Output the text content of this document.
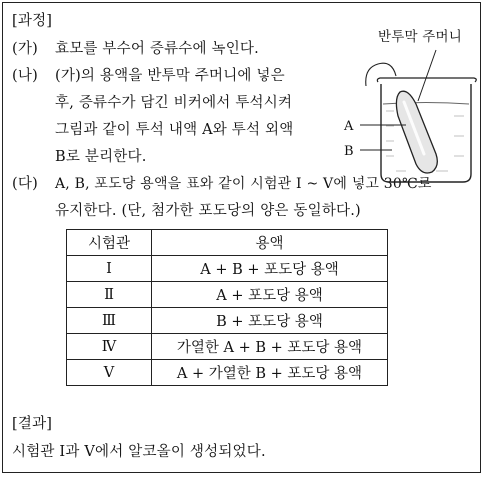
[과정]
(가) 효모를 부수어 증류수에 녹인다.
(나) (가)의 용액을 반투막 주머니에 넣은
후, 증류수가 담긴 비커에서 투석시켜
그림과 같이 투석 내액 A와 투석 외액
B로 분리한다.
(다) A, B, 포도당 용액을 표와 같이 시험관 Ⅰ ~ Ⅴ에 넣고 30℃로
유지한다. (단, 첨가한 포도당의 양은 동일하다.)
반투막 주머니
A
B
시험관	용액
Ⅰ	A + B + 포도당 용액
Ⅱ	A + 포도당 용액
Ⅲ	B + 포도당 용액
Ⅳ	가열한 A + B + 포도당 용액
Ⅴ	A + 가열한 B + 포도당 용액
[결과]
시험관 Ⅰ과 Ⅴ에서 알코올이 생성되었다.
